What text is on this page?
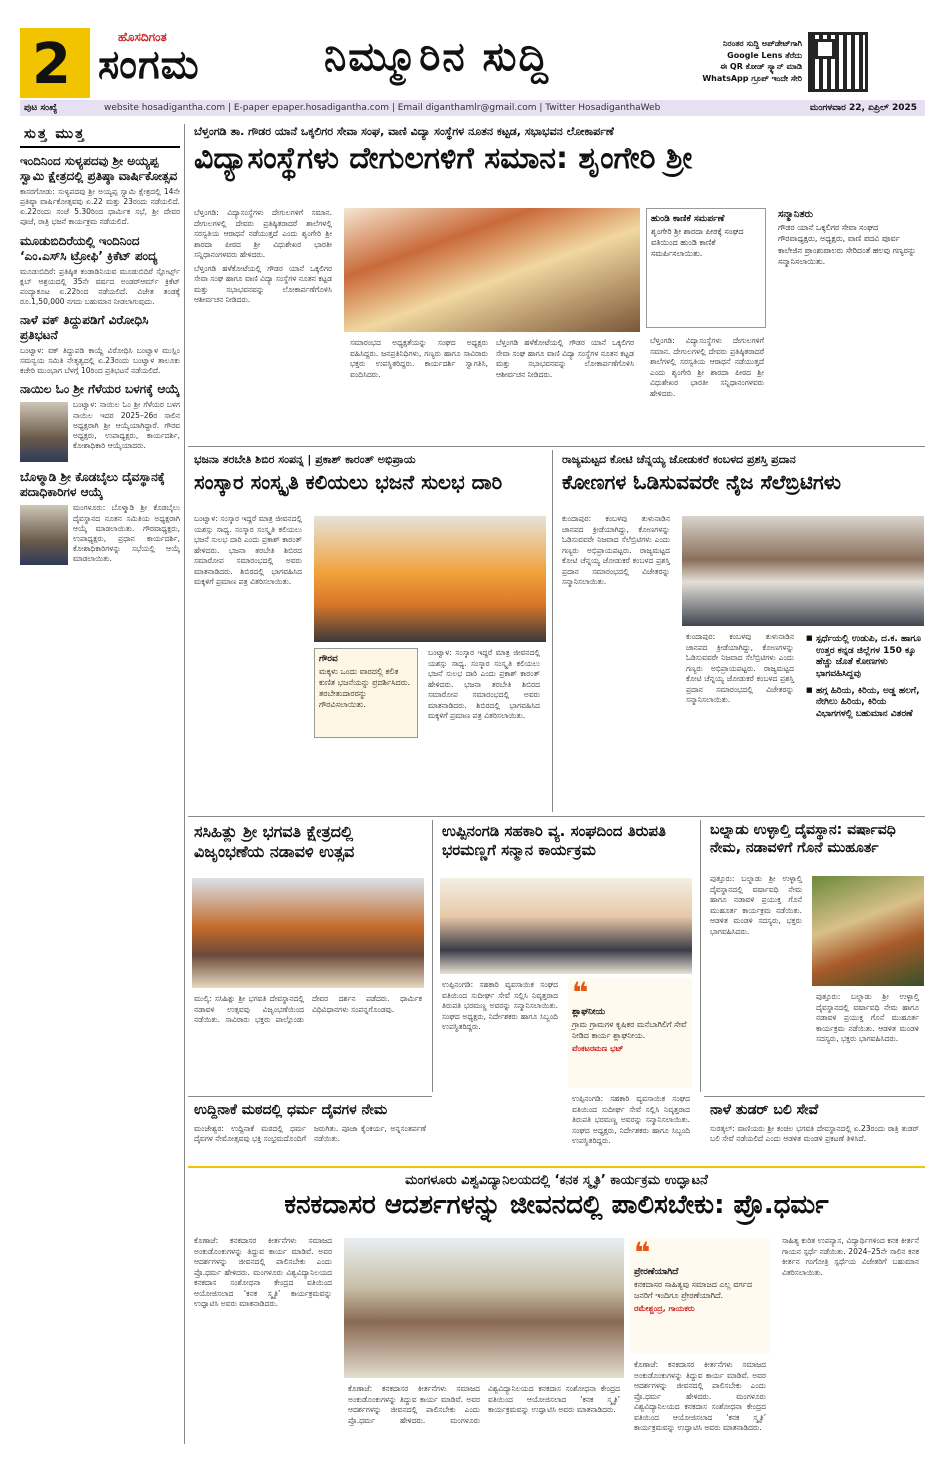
2	ಹೊಸದಿಗಂತ
ಸಂಗಮ	ನಿಮ್ಮೂರಿನ ಸುದ್ದಿ	ನಿರಂತರ ಸುದ್ದಿ ಅಪ್‌ಡೇಟ್‌ಗಾಗಿ
Google Lens ತೆರೆದು
ಈ QR ಕೋಡ್ ಸ್ಕ್ಯಾನ್ ಮಾಡಿ
WhatsApp ಗ್ರೂಪ್ ಇಂದೇ ಸೇರಿ
ಪುಟ ಸಂಖ್ಯೆ	website hosadigantha.com | E-paper epaper.hosadigantha.com | Email diganthamlr@gmail.com | Twitter HosadiganthaWeb	ಮಂಗಳವಾರ 22, ಏಪ್ರಿಲ್ 2025
ಸುತ್ತ ಮುತ್ತ
ಇಂದಿನಿಂದ ಸುಳ್ಯಪದವು ಶ್ರೀ ಅಯ್ಯಪ್ಪ ಸ್ವಾಮಿ ಕ್ಷೇತ್ರದಲ್ಲಿ ಪ್ರತಿಷ್ಠಾ ವಾರ್ಷಿಕೋತ್ಸವ
ಕಾಸರಗೋಡು: ಸುಳ್ಯಪದವು ಶ್ರೀ ಅಯ್ಯಪ್ಪ ಸ್ವಾಮಿ ಕ್ಷೇತ್ರದಲ್ಲಿ 14ನೇ ಪ್ರತಿಷ್ಠಾ ವಾರ್ಷಿಕೋತ್ಸವವು ಏ.22 ಮತ್ತು 23ರಂದು ನಡೆಯಲಿದೆ. ಏ.22ರಂದು ಸಂಜೆ 5.30ರಿಂದ ಧಾರ್ಮಿಕ ಸಭೆ, ಶ್ರೀ ದೇವರ ಪೂಜೆ, ರಾತ್ರಿ ಭಜನೆ ಕಾರ್ಯಕ್ರಮ ನಡೆಯಲಿದೆ.
ಮೂಡುಬಿದಿರೆಯಲ್ಲಿ ಇಂದಿನಿಂದ ‘ಎಂ.ಎಸ್‌ಸಿ ಟ್ರೋಫಿ’ ಕ್ರಿಕೆಟ್ ಪಂದ್ಯ
ಮೂಡುಬಿದಿರೆ: ಪ್ರತಿಷ್ಠಿತ ಕಂಡಾಡಿನಿಯವ ಮೂಡುಬಿದಿರೆ ಸ್ಪೋರ್ಟ್ಸ್ ಕ್ಲಬ್ ಆಶ್ರಯದಲ್ಲಿ 35ನೇ ವರ್ಷದ ಅಂಡರ್‌ಆರ್ಮ್ ಕ್ರಿಕೆಟ್ ಪಂದ್ಯಾಕೂಟ ಏ.22ರಿಂದ ನಡೆಯಲಿದೆ. ವಿಜೇತ ತಂಡಕ್ಕೆ ರೂ.1,50,000 ನಗದು ಬಹುಮಾನ ನೀಡಲಾಗುವುದು.
ನಾಳೆ ವಕ್ ತಿದ್ದುಪಡಿಗೆ ವಿರೋಧಿಸಿ ಪ್ರತಿಭಟನೆ
ಬಂಟ್ವಾಳ: ವಕ್ ತಿದ್ದುಪಡಿ ಕಾಯ್ದೆ ವಿರೋಧಿಸಿ ಬಂಟ್ವಾಳ ಮುಸ್ಲಿಂ ಸಮನ್ವಯ ಸಮಿತಿ ನೇತೃತ್ವದಲ್ಲಿ ಏ.23ರಂದು ಬಂಟ್ವಾಳ ತಾಲೂಕು ಕಚೇರಿ ಮುಂಭಾಗ ಬೆಳಗ್ಗೆ 10ರಿಂದ ಪ್ರತಿಭಟನೆ ನಡೆಯಲಿದೆ.
ನಾಯಿಲ ಓಂ ಶ್ರೀ ಗೆಳೆಯರ ಬಳಗಕ್ಕೆ ಆಯ್ಕೆ
ಬಂಟ್ವಾಳ: ನಾಯಿಲ ಓಂ ಶ್ರೀ ಗೆಳೆಯರ ಬಳಗ ನಾಯಿಲ ಇದರ 2025–26ರ ಸಾಲಿನ ಅಧ್ಯಕ್ಷರಾಗಿ ಶ್ರೀ ಆಯ್ಕೆಯಾಗಿದ್ದಾರೆ. ಗೌರವ ಅಧ್ಯಕ್ಷರು, ಉಪಾಧ್ಯಕ್ಷರು, ಕಾರ್ಯದರ್ಶಿ, ಕೋಶಾಧಿಕಾರಿ ಆಯ್ಕೆಯಾದರು.
ಬೊಳ್ಮಾಡಿ ಶ್ರೀ ಕೊಡಬೈಲು ದೈವಸ್ಥಾನಕ್ಕೆ ಪದಾಧಿಕಾರಿಗಳ ಆಯ್ಕೆ
ಮಂಗಳೂರು: ಬೊಳ್ಮಾಡಿ ಶ್ರೀ ಕೊಡಬೈಲು ದೈವಸ್ಥಾನದ ನೂತನ ಸಮಿತಿಯ ಅಧ್ಯಕ್ಷರಾಗಿ ಆಯ್ಕೆ ಮಾಡಲಾಯಿತು. ಗೌರವಾಧ್ಯಕ್ಷರು, ಉಪಾಧ್ಯಕ್ಷರು, ಪ್ರಧಾನ ಕಾರ್ಯದರ್ಶಿ, ಕೋಶಾಧಿಕಾರಿಗಳನ್ನು ಸಭೆಯಲ್ಲಿ ಆಯ್ಕೆ ಮಾಡಲಾಯಿತು.
ಬೆಳ್ತಂಗಡಿ ತಾ. ಗೌಡರ ಯಾನೆ ಒಕ್ಕಲಿಗರ ಸೇವಾ ಸಂಘ, ವಾಣಿ ವಿದ್ಯಾ ಸಂಸ್ಥೆಗಳ ನೂತನ ಕಟ್ಟಡ, ಸಭಾಭವನ ಲೋಕಾರ್ಪಣೆ
ವಿದ್ಯಾಸಂಸ್ಥೆಗಳು ದೇಗುಲಗಳಿಗೆ ಸಮಾನ: ಶೃಂಗೇರಿ ಶ್ರೀ

ಬೆಳ್ತಂಗಡಿ: ವಿದ್ಯಾಸಂಸ್ಥೆಗಳು ದೇಗುಲಗಳಿಗೆ ಸಮಾನ. ದೇಗುಲಗಳಲ್ಲಿ ದೇವರು ಪ್ರತಿಷ್ಠಿತರಾದರೆ ಶಾಲೆಗಳಲ್ಲಿ ಸರಸ್ವತಿಯ ಆರಾಧನೆ ನಡೆಯುತ್ತದೆ ಎಂದು ಶೃಂಗೇರಿ ಶ್ರೀ ಶಾರದಾ ಪೀಠದ ಶ್ರೀ ವಿಧುಶೇಖರ ಭಾರತೀ ಸನ್ನಿಧಾನಂಗಳವರು ಹೇಳಿದರು.

ಬೆಳ್ತಂಗಡಿ ಹಳೆಕೋಟೆಯಲ್ಲಿ ಗೌಡರ ಯಾನೆ ಒಕ್ಕಲಿಗರ ಸೇವಾ ಸಂಘ ಹಾಗೂ ವಾಣಿ ವಿದ್ಯಾ ಸಂಸ್ಥೆಗಳ ನೂತನ ಕಟ್ಟಡ ಮತ್ತು ಸಭಾಭವನವನ್ನು ಲೋಕಾರ್ಪಣೆಗೊಳಿಸಿ ಆಶೀರ್ವಚನ ನೀಡಿದರು.

ಸಮಾರಂಭದ ಅಧ್ಯಕ್ಷತೆಯನ್ನು ಸಂಘದ ಅಧ್ಯಕ್ಷರು ವಹಿಸಿದ್ದರು. ಜನಪ್ರತಿನಿಧಿಗಳು, ಗಣ್ಯರು ಹಾಗೂ ಸಾವಿರಾರು ಭಕ್ತರು ಉಪಸ್ಥಿತರಿದ್ದರು. ಕಾರ್ಯದರ್ಶಿ ಸ್ವಾಗತಿಸಿ, ವಂದಿಸಿದರು.

ಬೆಳ್ತಂಗಡಿ ಹಳೆಕೋಟೆಯಲ್ಲಿ ಗೌಡರ ಯಾನೆ ಒಕ್ಕಲಿಗರ ಸೇವಾ ಸಂಘ ಹಾಗೂ ವಾಣಿ ವಿದ್ಯಾ ಸಂಸ್ಥೆಗಳ ನೂತನ ಕಟ್ಟಡ ಮತ್ತು ಸಭಾಭವನವನ್ನು ಲೋಕಾರ್ಪಣೆಗೊಳಿಸಿ ಆಶೀರ್ವಚನ ನೀಡಿದರು.

ಹುಂಡಿ ಕಾಣಿಕೆ ಸಮರ್ಪಣೆ
ಶೃಂಗೇರಿ ಶ್ರೀ ಶಾರದಾ ಪೀಠಕ್ಕೆ ಸಂಘದ ವತಿಯಿಂದ ಹುಂಡಿ ಕಾಣಿಕೆ ಸಮರ್ಪಿಸಲಾಯಿತು.

ಬೆಳ್ತಂಗಡಿ: ವಿದ್ಯಾಸಂಸ್ಥೆಗಳು ದೇಗುಲಗಳಿಗೆ ಸಮಾನ. ದೇಗುಲಗಳಲ್ಲಿ ದೇವರು ಪ್ರತಿಷ್ಠಿತರಾದರೆ ಶಾಲೆಗಳಲ್ಲಿ ಸರಸ್ವತಿಯ ಆರಾಧನೆ ನಡೆಯುತ್ತದೆ ಎಂದು ಶೃಂಗೇರಿ ಶ್ರೀ ಶಾರದಾ ಪೀಠದ ಶ್ರೀ ವಿಧುಶೇಖರ ಭಾರತೀ ಸನ್ನಿಧಾನಂಗಳವರು ಹೇಳಿದರು.

ಸನ್ಮಾನಿತರು
ಗೌಡರ ಯಾನೆ ಒಕ್ಕಲಿಗರ ಸೇವಾ ಸಂಘದ ಗೌರವಾಧ್ಯಕ್ಷರು, ಅಧ್ಯಕ್ಷರು, ವಾಣಿ ಪದವಿ ಪೂರ್ವ ಕಾಲೇಜಿನ ಪ್ರಾಂಶುಪಾಲರು ಸೇರಿದಂತೆ ಹಲವು ಗಣ್ಯರನ್ನು ಸನ್ಮಾನಿಸಲಾಯಿತು.
ಭಜನಾ ತರಬೇತಿ ಶಿಬಿರ ಸಂಪನ್ನ | ಪ್ರಕಾಶ್ ಕಾರಂತ್ ಅಭಿಪ್ರಾಯ
ಸಂಸ್ಕಾರ ಸಂಸ್ಕೃತಿ ಕಲಿಯಲು ಭಜನೆ ಸುಲಭ ದಾರಿ
ಬಂಟ್ವಾಳ: ಸಂಸ್ಕಾರ ಇದ್ದರೆ ಮಾತ್ರ ಜೀವನದಲ್ಲಿ ಯಶಸ್ಸು ಸಾಧ್ಯ. ಸಂಸ್ಕಾರ ಸಂಸ್ಕೃತಿ ಕಲಿಯಲು ಭಜನೆ ಸುಲಭ ದಾರಿ ಎಂದು ಪ್ರಕಾಶ್ ಕಾರಂತ್ ಹೇಳಿದರು. ಭಜನಾ ತರಬೇತಿ ಶಿಬಿರದ ಸಮಾರೋಪ ಸಮಾರಂಭದಲ್ಲಿ ಅವರು ಮಾತನಾಡಿದರು. ಶಿಬಿರದಲ್ಲಿ ಭಾಗವಹಿಸಿದ ಮಕ್ಕಳಿಗೆ ಪ್ರಮಾಣ ಪತ್ರ ವಿತರಿಸಲಾಯಿತು.
ಗೌರವ
ಮಕ್ಕಳು ಒಂದು ವಾರದಲ್ಲಿ ಕಲಿತ ಕುಣಿತ ಭಜನೆಯನ್ನು ಪ್ರದರ್ಶಿಸಿದರು. ತರಬೇತುದಾರರನ್ನು ಗೌರವಿಸಲಾಯಿತು.
ಬಂಟ್ವಾಳ: ಸಂಸ್ಕಾರ ಇದ್ದರೆ ಮಾತ್ರ ಜೀವನದಲ್ಲಿ ಯಶಸ್ಸು ಸಾಧ್ಯ. ಸಂಸ್ಕಾರ ಸಂಸ್ಕೃತಿ ಕಲಿಯಲು ಭಜನೆ ಸುಲಭ ದಾರಿ ಎಂದು ಪ್ರಕಾಶ್ ಕಾರಂತ್ ಹೇಳಿದರು. ಭಜನಾ ತರಬೇತಿ ಶಿಬಿರದ ಸಮಾರೋಪ ಸಮಾರಂಭದಲ್ಲಿ ಅವರು ಮಾತನಾಡಿದರು. ಶಿಬಿರದಲ್ಲಿ ಭಾಗವಹಿಸಿದ ಮಕ್ಕಳಿಗೆ ಪ್ರಮಾಣ ಪತ್ರ ವಿತರಿಸಲಾಯಿತು.
ರಾಜ್ಯಮಟ್ಟದ ಕೋಟಿ ಚೆನ್ನಯ್ಯ ಜೋಡುಕರೆ ಕಂಬಳದ ಪ್ರಶಸ್ತಿ ಪ್ರದಾನ
ಕೋಣಗಳ ಓಡಿಸುವವರೇ ನೈಜ ಸೆಲೆಬ್ರಿಟಿಗಳು
ಕುಂದಾಪುರ: ಕಂಬಳವು ತುಳುನಾಡಿನ ಜಾನಪದ ಕ್ರೀಡೆಯಾಗಿದ್ದು, ಕೋಣಗಳನ್ನು ಓಡಿಸುವವರೇ ನಿಜವಾದ ಸೆಲೆಬ್ರಿಟಿಗಳು ಎಂದು ಗಣ್ಯರು ಅಭಿಪ್ರಾಯಪಟ್ಟರು. ರಾಜ್ಯಮಟ್ಟದ ಕೋಟಿ ಚೆನ್ನಯ್ಯ ಜೋಡುಕರೆ ಕಂಬಳದ ಪ್ರಶಸ್ತಿ ಪ್ರದಾನ ಸಮಾರಂಭದಲ್ಲಿ ವಿಜೇತರನ್ನು ಸನ್ಮಾನಿಸಲಾಯಿತು.
ಕುಂದಾಪುರ: ಕಂಬಳವು ತುಳುನಾಡಿನ ಜಾನಪದ ಕ್ರೀಡೆಯಾಗಿದ್ದು, ಕೋಣಗಳನ್ನು ಓಡಿಸುವವರೇ ನಿಜವಾದ ಸೆಲೆಬ್ರಿಟಿಗಳು ಎಂದು ಗಣ್ಯರು ಅಭಿಪ್ರಾಯಪಟ್ಟರು. ರಾಜ್ಯಮಟ್ಟದ ಕೋಟಿ ಚೆನ್ನಯ್ಯ ಜೋಡುಕರೆ ಕಂಬಳದ ಪ್ರಶಸ್ತಿ ಪ್ರದಾನ ಸಮಾರಂಭದಲ್ಲಿ ವಿಜೇತರನ್ನು ಸನ್ಮಾನಿಸಲಾಯಿತು.
■ ಸ್ಪರ್ಧೆಯಲ್ಲಿ ಉಡುಪಿ, ದ.ಕ. ಹಾಗೂ ಉತ್ತರ ಕನ್ನಡ ಜಿಲ್ಲೆಗಳ 150 ಕ್ಕೂ ಹೆಚ್ಚು ಜೊತೆ ಕೋಣಗಳು ಭಾಗವಹಿಸಿದ್ದವು
■ ಹಗ್ಗ ಹಿರಿಯ, ಕಿರಿಯ, ಅಡ್ಡ ಹಲಗೆ, ನೇಗಿಲು ಹಿರಿಯ, ಕಿರಿಯ ವಿಭಾಗಗಳಲ್ಲಿ ಬಹುಮಾನ ವಿತರಣೆ
ಸಸಿಹಿತ್ಲು ಶ್ರೀ ಭಗವತಿ ಕ್ಷೇತ್ರದಲ್ಲಿ ವಿಜೃಂಭಣೆಯ ನಡಾವಳಿ ಉತ್ಸವ
ಮುಲ್ಕಿ: ಸಸಿಹಿತ್ಲು ಶ್ರೀ ಭಗವತಿ ದೇವಸ್ಥಾನದಲ್ಲಿ ನಡಾವಳಿ ಉತ್ಸವವು ವಿಜೃಂಭಣೆಯಿಂದ ನಡೆಯಿತು. ಸಾವಿರಾರು ಭಕ್ತರು ಪಾಲ್ಗೊಂಡು ದೇವರ ದರ್ಶನ ಪಡೆದರು. ಧಾರ್ಮಿಕ ವಿಧಿವಿಧಾನಗಳು ಸಂಪನ್ನಗೊಂಡವು.
ಉಪ್ಪಿನಂಗಡಿ ಸಹಕಾರಿ ವ್ಯ. ಸಂಘದಿಂದ ತಿರುಪತಿ ಭರಮಣ್ಣಗೆ ಸನ್ಮಾನ ಕಾರ್ಯಕ್ರಮ
ಉಪ್ಪಿನಂಗಡಿ: ಸಹಕಾರಿ ವ್ಯವಸಾಯಿಕ ಸಂಘದ ವತಿಯಿಂದ ಸುದೀರ್ಘ ಸೇವೆ ಸಲ್ಲಿಸಿ ನಿವೃತ್ತರಾದ ತಿರುಪತಿ ಭರಮಣ್ಣ ಅವರನ್ನು ಸನ್ಮಾನಿಸಲಾಯಿತು. ಸಂಘದ ಅಧ್ಯಕ್ಷರು, ನಿರ್ದೇಶಕರು ಹಾಗೂ ಸಿಬ್ಬಂದಿ ಉಪಸ್ಥಿತರಿದ್ದರು.
❝
ಶ್ಲಾಘನೀಯ
ಗ್ರಾಮ ಗ್ರಾಮಗಳ ಕೃಷಿಕರ ಮನೆಬಾಗಿಲಿಗೆ ಸೇವೆ ನೀಡಿದ ಕಾರ್ಯ ಶ್ಲಾಘನೀಯ.
ವೆಂಕಟರಮಣ ಭಟ್
ಉಪ್ಪಿನಂಗಡಿ: ಸಹಕಾರಿ ವ್ಯವಸಾಯಿಕ ಸಂಘದ ವತಿಯಿಂದ ಸುದೀರ್ಘ ಸೇವೆ ಸಲ್ಲಿಸಿ ನಿವೃತ್ತರಾದ ತಿರುಪತಿ ಭರಮಣ್ಣ ಅವರನ್ನು ಸನ್ಮಾನಿಸಲಾಯಿತು. ಸಂಘದ ಅಧ್ಯಕ್ಷರು, ನಿರ್ದೇಶಕರು ಹಾಗೂ ಸಿಬ್ಬಂದಿ ಉಪಸ್ಥಿತರಿದ್ದರು.
ಬಲ್ನಾಡು ಉಳ್ಳಾಲ್ತಿ ದೈವಸ್ಥಾನ: ವರ್ಷಾವಧಿ ನೇಮ, ನಡಾವಳಿಗೆ ಗೊನೆ ಮುಹೂರ್ತ
ಪುತ್ತೂರು: ಬಲ್ನಾಡು ಶ್ರೀ ಉಳ್ಳಾಲ್ತಿ ದೈವಸ್ಥಾನದಲ್ಲಿ ವರ್ಷಾವಧಿ ನೇಮ ಹಾಗೂ ನಡಾವಳಿ ಪ್ರಯುಕ್ತ ಗೊನೆ ಮುಹೂರ್ತ ಕಾರ್ಯಕ್ರಮ ನಡೆಯಿತು. ಆಡಳಿತ ಮಂಡಳಿ ಸದಸ್ಯರು, ಭಕ್ತರು ಭಾಗವಹಿಸಿದರು.
ಪುತ್ತೂರು: ಬಲ್ನಾಡು ಶ್ರೀ ಉಳ್ಳಾಲ್ತಿ ದೈವಸ್ಥಾನದಲ್ಲಿ ವರ್ಷಾವಧಿ ನೇಮ ಹಾಗೂ ನಡಾವಳಿ ಪ್ರಯುಕ್ತ ಗೊನೆ ಮುಹೂರ್ತ ಕಾರ್ಯಕ್ರಮ ನಡೆಯಿತು. ಆಡಳಿತ ಮಂಡಳಿ ಸದಸ್ಯರು, ಭಕ್ತರು ಭಾಗವಹಿಸಿದರು.
ಉದ್ದಿನಾಕೆ ಮಠದಲ್ಲಿ ಧರ್ಮ ದೈವಗಳ ನೇಮ
ಮಂಜೇಶ್ವರ: ಉದ್ದಿನಾಕೆ ಮಠದಲ್ಲಿ ಧರ್ಮ ದೈವಗಳ ನೇಮೋತ್ಸವವು ಭಕ್ತಿ ಸಂಭ್ರಮದೊಂದಿಗೆ ಜರುಗಿತು. ಪೂಜಾ ಕೈಂಕರ್ಯ, ಅನ್ನಸಂತರ್ಪಣೆ ನಡೆಯಿತು.
ನಾಳೆ ತುಡರ್ ಬಲಿ ಸೇವೆ
ಸುರತ್ಕಲ್: ವಾಣಿಯರು ಶ್ರೀ ಕಂಚಿಲ ಭಗವತಿ ದೇವಸ್ಥಾನದಲ್ಲಿ ಏ.23ರಂದು ರಾತ್ರಿ ತುಡರ್ ಬಲಿ ಸೇವೆ ನಡೆಯಲಿದೆ ಎಂದು ಆಡಳಿತ ಮಂಡಳಿ ಪ್ರಕಟಣೆ ತಿಳಿಸಿದೆ.
ಮಂಗಳೂರು ವಿಶ್ವವಿದ್ಯಾನಿಲಯದಲ್ಲಿ ‘ಕನಕ ಸ್ಮೃತಿ’ ಕಾರ್ಯಕ್ರಮ ಉದ್ಘಾಟನೆ
ಕನಕದಾಸರ ಆದರ್ಶಗಳನ್ನು ಜೀವನದಲ್ಲಿ ಪಾಲಿಸಬೇಕು: ಪ್ರೊ.ಧರ್ಮ
ಕೊಣಾಜೆ: ಕನಕದಾಸರ ಕೀರ್ತನೆಗಳು ಸಮಾಜದ ಅಂಕುಡೊಂಕುಗಳನ್ನು ತಿದ್ದುವ ಕಾರ್ಯ ಮಾಡಿವೆ. ಅವರ ಆದರ್ಶಗಳನ್ನು ಜೀವನದಲ್ಲಿ ಪಾಲಿಸಬೇಕು ಎಂದು ಪ್ರೊ.ಧರ್ಮ ಹೇಳಿದರು. ಮಂಗಳೂರು ವಿಶ್ವವಿದ್ಯಾನಿಲಯದ ಕನಕದಾಸ ಸಂಶೋಧನಾ ಕೇಂದ್ರದ ವತಿಯಿಂದ ಆಯೋಜಿಸಲಾದ ‘ಕನಕ ಸ್ಮೃತಿ’ ಕಾರ್ಯಕ್ರಮವನ್ನು ಉದ್ಘಾಟಿಸಿ ಅವರು ಮಾತನಾಡಿದರು.
ಕೊಣಾಜೆ: ಕನಕದಾಸರ ಕೀರ್ತನೆಗಳು ಸಮಾಜದ ಅಂಕುಡೊಂಕುಗಳನ್ನು ತಿದ್ದುವ ಕಾರ್ಯ ಮಾಡಿವೆ. ಅವರ ಆದರ್ಶಗಳನ್ನು ಜೀವನದಲ್ಲಿ ಪಾಲಿಸಬೇಕು ಎಂದು ಪ್ರೊ.ಧರ್ಮ ಹೇಳಿದರು. ಮಂಗಳೂರು ವಿಶ್ವವಿದ್ಯಾನಿಲಯದ ಕನಕದಾಸ ಸಂಶೋಧನಾ ಕೇಂದ್ರದ ವತಿಯಿಂದ ಆಯೋಜಿಸಲಾದ ‘ಕನಕ ಸ್ಮೃತಿ’ ಕಾರ್ಯಕ್ರಮವನ್ನು ಉದ್ಘಾಟಿಸಿ ಅವರು ಮಾತನಾಡಿದರು.
❝
ಪ್ರೇರಣೆಯಾಗಿದೆ
ಕನಕದಾಸರ ಸಾಹಿತ್ಯವು ಸಮಾಜದ ಎಲ್ಲ ವರ್ಗದ ಜನರಿಗೆ ಇಂದಿಗೂ ಪ್ರೇರಣೆಯಾಗಿದೆ.
ರಮೇಶ್ಚಂದ್ರ, ಗಾಯಕರು
ಕೊಣಾಜೆ: ಕನಕದಾಸರ ಕೀರ್ತನೆಗಳು ಸಮಾಜದ ಅಂಕುಡೊಂಕುಗಳನ್ನು ತಿದ್ದುವ ಕಾರ್ಯ ಮಾಡಿವೆ. ಅವರ ಆದರ್ಶಗಳನ್ನು ಜೀವನದಲ್ಲಿ ಪಾಲಿಸಬೇಕು ಎಂದು ಪ್ರೊ.ಧರ್ಮ ಹೇಳಿದರು. ಮಂಗಳೂರು ವಿಶ್ವವಿದ್ಯಾನಿಲಯದ ಕನಕದಾಸ ಸಂಶೋಧನಾ ಕೇಂದ್ರದ ವತಿಯಿಂದ ಆಯೋಜಿಸಲಾದ ‘ಕನಕ ಸ್ಮೃತಿ’ ಕಾರ್ಯಕ್ರಮವನ್ನು ಉದ್ಘಾಟಿಸಿ ಅವರು ಮಾತನಾಡಿದರು.
ಸಾಹಿತ್ಯ ಕುರಿತ ಉಪನ್ಯಾಸ, ವಿದ್ಯಾರ್ಥಿಗಳಿಂದ ಕನಕ ಕೀರ್ತನೆ ಗಾಯನ ಸ್ಪರ್ಧೆ ನಡೆಯಿತು. 2024–25ನೇ ಸಾಲಿನ ಕನಕ ಕೀರ್ತನ ಗಂಗೋತ್ರಿ ಸ್ಪರ್ಧೆಯ ವಿಜೇತರಿಗೆ ಬಹುಮಾನ ವಿತರಿಸಲಾಯಿತು.
